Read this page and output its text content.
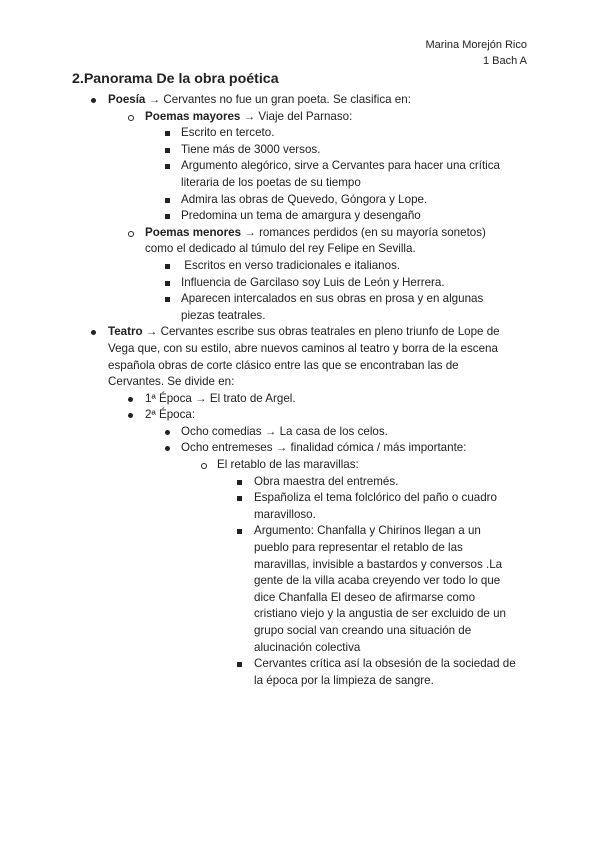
Marina Morejón Rico
1 Bach A
2.Panorama De la obra poética
Poesía → Cervantes no fue un gran poeta. Se clasifica en:
Poemas mayores → Viaje del Parnaso:
Escrito en terceto.
Tiene más de 3000 versos.
Argumento alegórico, sirve a Cervantes para hacer una crítica
literaria de los poetas de su tiempo
Admira las obras de Quevedo, Góngora y Lope.
Predomina un tema de amargura y desengaño
Poemas menores → romances perdidos (en su mayoría sonetos)
como el dedicado al túmulo del rey Felipe en Sevilla.
Escritos en verso tradicionales e italianos.
Influencia de Garcilaso soy Luis de León y Herrera.
Aparecen intercalados en sus obras en prosa y en algunas
piezas teatrales.
Teatro → Cervantes escribe sus obras teatrales en pleno triunfo de Lope de
Vega que, con su estilo, abre nuevos caminos al teatro y borra de la escena
española obras de corte clásico entre las que se encontraban las de
Cervantes. Se divide en:
1ª Época → El trato de Argel.
2ª Época:
Ocho comedias → La casa de los celos.
Ocho entremeses → finalidad cómica / más importante:
El retablo de las maravillas:
Obra maestra del entremés.
Españoliza el tema folclórico del paño o cuadro
maravilloso.
Argumento: Chanfalla y Chirinos llegan a un
pueblo para representar el retablo de las
maravillas, invisible a bastardos y conversos .La
gente de la villa acaba creyendo ver todo lo que
dice Chanfalla El deseo de afirmarse como
cristiano viejo y la angustia de ser excluido de un
grupo social van creando una situación de
alucinación colectiva
Cervantes crítica así la obsesión de la sociedad de
la época por la limpieza de sangre.
